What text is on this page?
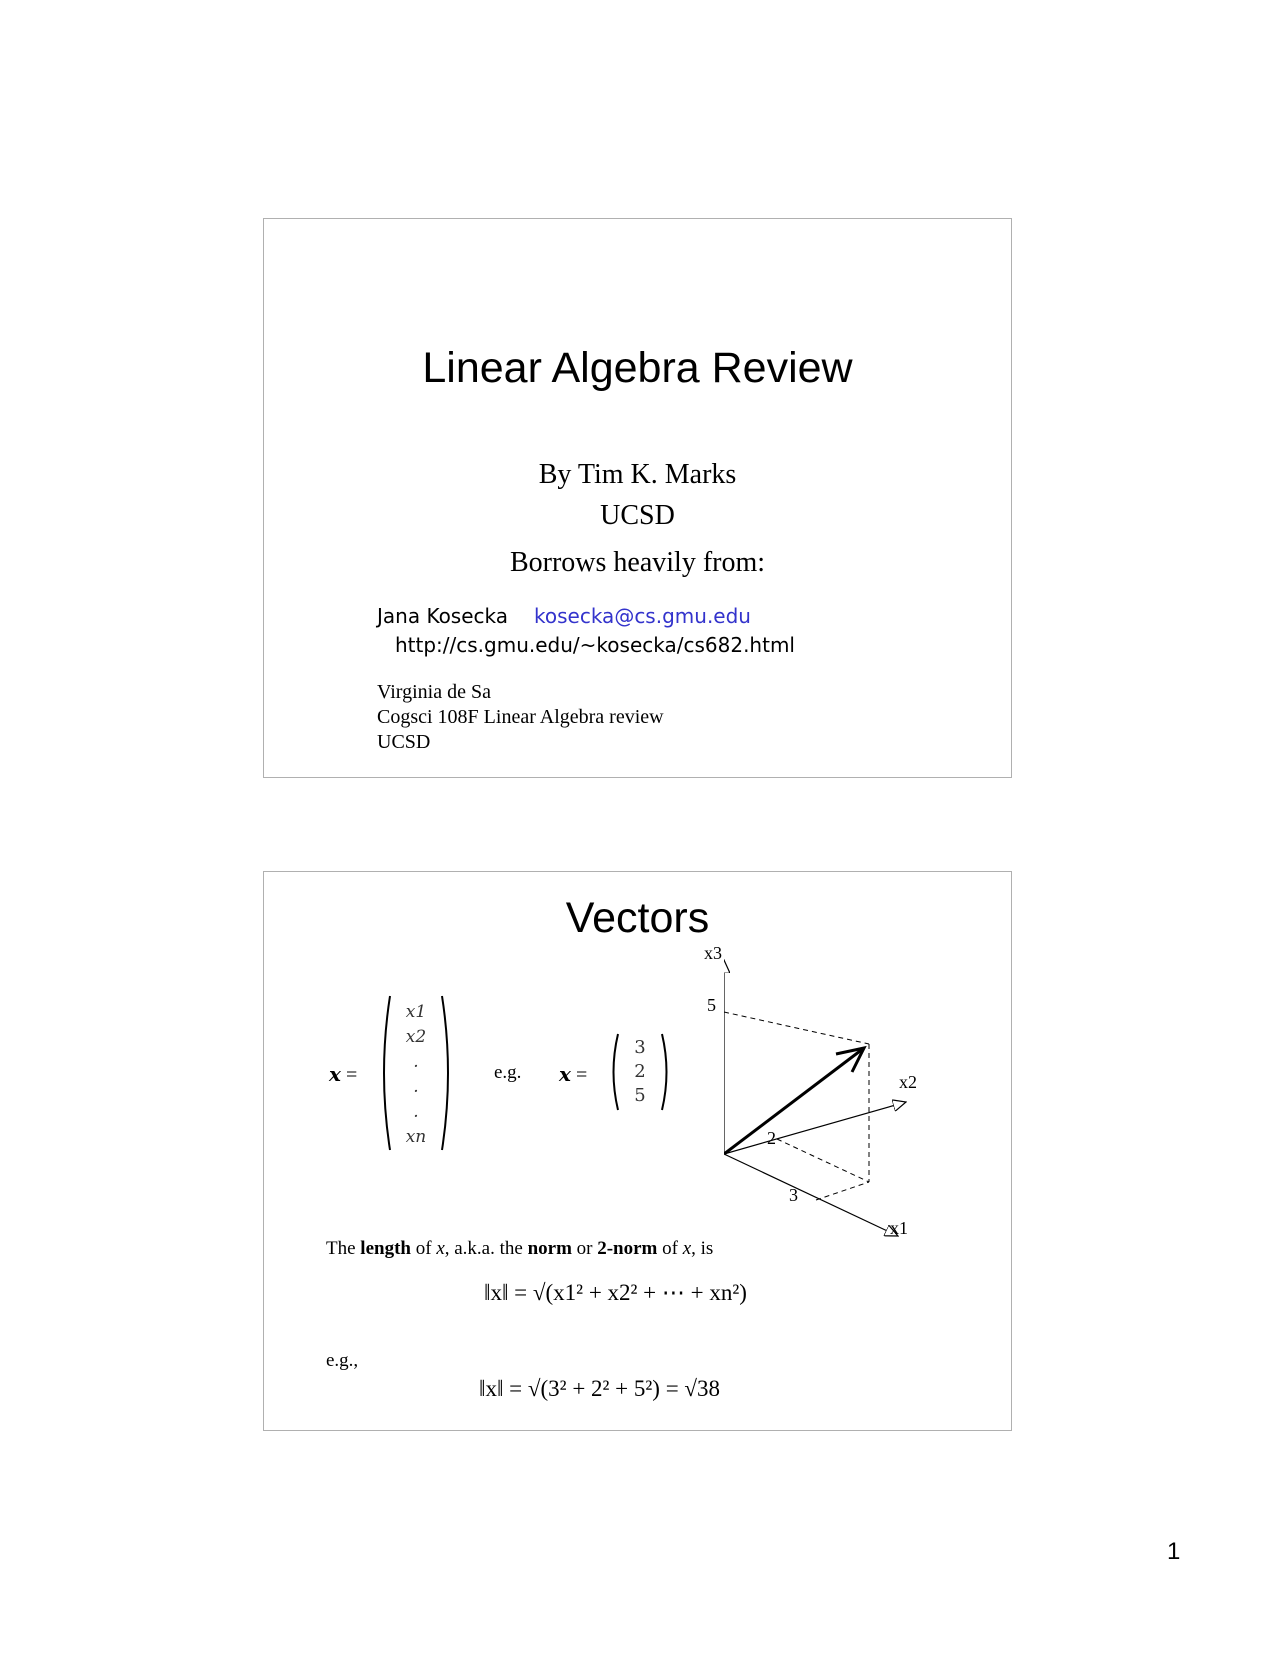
Linear Algebra Review
By Tim K. Marks
UCSD
Borrows heavily from:
Jana Kosecka kosecka@cs.gmu.edu
http://cs.gmu.edu/~kosecka/cs682.html
Virginia de Sa
Cogsci 108F Linear Algebra review
UCSD
Vectors
x =
x1
x2
.
.
.
xn
e.g. x =
3
2
5
x3
x2
x1
5
2
3
The length of x, a.k.a. the norm or 2-norm of x, is
‖x‖ = √(x1² + x2² + ⋯ + xn²)
e.g.,
‖x‖ = √(3² + 2² + 5²) = √38
1
